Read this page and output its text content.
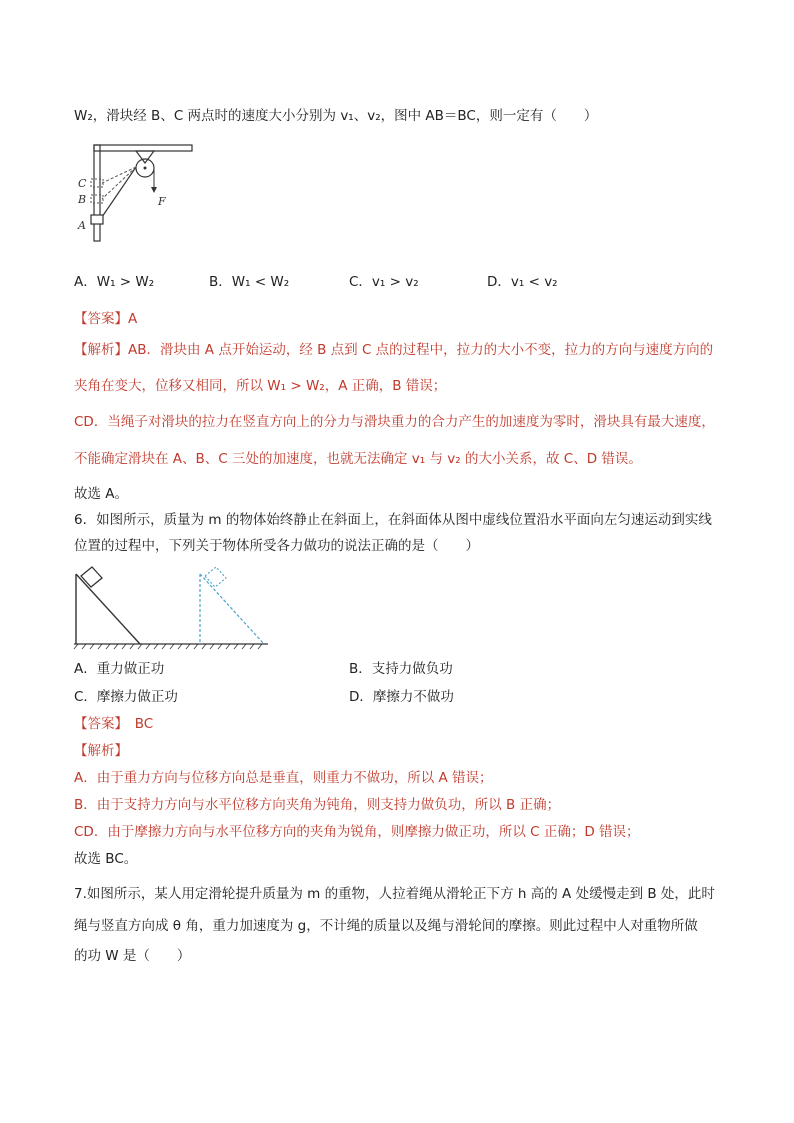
W₂，滑块经 B、C 两点时的速度大小分别为 v₁、v₂，图中 AB＝BC，则一定有（　　）
C
B
A
F
A．W₁ > W₂	B．W₁ < W₂	C．v₁ > v₂	D．v₁ < v₂
【答案】A
【解析】AB．滑块由 A 点开始运动，经 B 点到 C 点的过程中，拉力的大小不变，拉力的方向与速度方向的
夹角在变大，位移又相同，所以 W₁ > W₂，A 正确，B 错误；
CD．当绳子对滑块的拉力在竖直方向上的分力与滑块重力的合力产生的加速度为零时，滑块具有最大速度，
不能确定滑块在 A、B、C 三处的加速度，也就无法确定 v₁ 与 v₂ 的大小关系，故 C、D 错误。
故选 A。
6．如图所示，质量为 m 的物体始终静止在斜面上，在斜面体从图中虚线位置沿水平面向左匀速运动到实线
位置的过程中，下列关于物体所受各力做功的说法正确的是（　　）
A．重力做正功	B．支持力做负功
C．摩擦力做正功	D．摩擦力不做功
【答案】　BC
【解析】
A．由于重力方向与位移方向总是垂直，则重力不做功，所以 A 错误；
B．由于支持力方向与水平位移方向夹角为钝角，则支持力做负功，所以 B 正确；
CD．由于摩擦力方向与水平位移方向的夹角为锐角，则摩擦力做正功，所以 C 正确；D 错误；
故选 BC。
7.如图所示，某人用定滑轮提升质量为 m 的重物，人拉着绳从滑轮正下方 h 高的 A 处缓慢走到 B 处，此时
绳与竖直方向成 θ 角，重力加速度为 g，不计绳的质量以及绳与滑轮间的摩擦。则此过程中人对重物所做
的功 W 是（　　）
